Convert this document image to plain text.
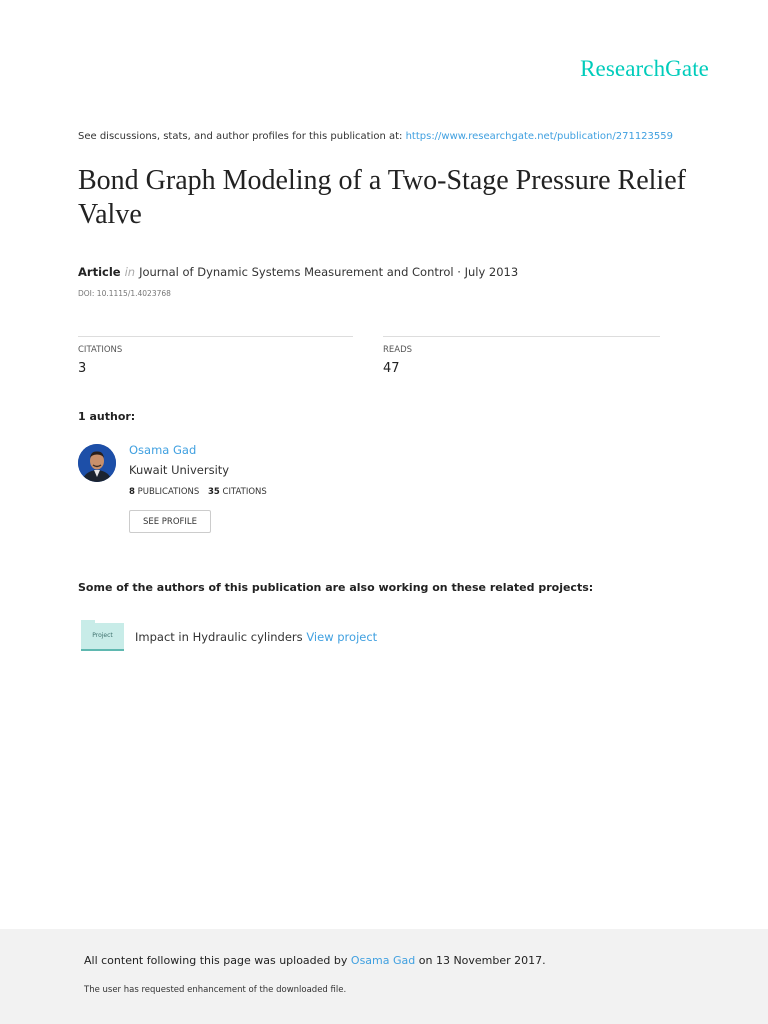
ResearchGate
See discussions, stats, and author profiles for this publication at: https://www.researchgate.net/publication/271123559
Bond Graph Modeling of a Two-Stage Pressure Relief Valve
Article in Journal of Dynamic Systems Measurement and Control · July 2013
DOI: 10.1115/1.4023768
CITATIONS
3
READS
47
1 author:
Osama Gad
Kuwait University
8 PUBLICATIONS 35 CITATIONS
SEE PROFILE
Some of the authors of this publication are also working on these related projects:
Project	Impact in Hydraulic cylinders View project
All content following this page was uploaded by Osama Gad on 13 November 2017.
The user has requested enhancement of the downloaded file.
